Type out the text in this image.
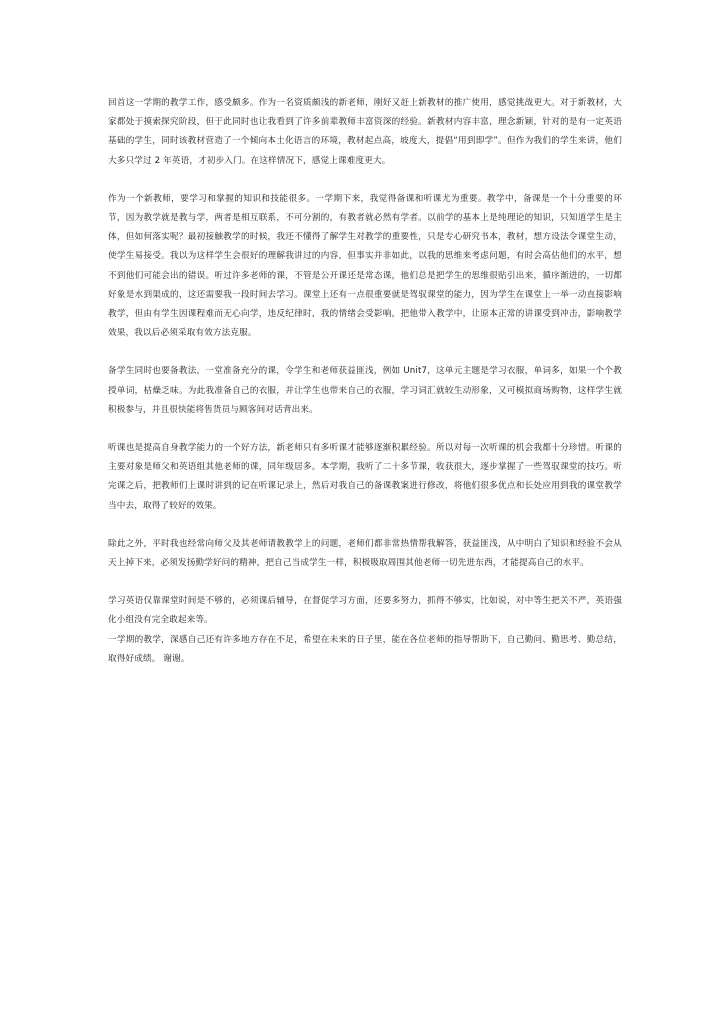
回首这一学期的教学工作，感受颇多。作为一名资质颇浅的新老师，刚好又赶上新教材的推广使用，感觉挑战更大。对于新教材，大家都处于摸索探究阶段，但于此同时也让我看到了许多前辈教师丰富资深的经验。新教材内容丰富，理念新颖，针对的是有一定英语基础的学生，同时该教材营造了一个倾向本土化语言的环境，教材起点高，坡度大，提倡“用到即学”。但作为我们的学生来讲，他们大多只学过 2 年英语，才初步入门。在这样情况下，感觉上课难度更大。

作为一个新教师，要学习和掌握的知识和技能很多。一学期下来，我觉得备课和听课尤为重要。教学中，备课是一个十分重要的环节，因为教学就是教与学，两者是相互联系，不可分割的，有教者就必然有学者。以前学的基本上是纯理论的知识，只知道学生是主体，但如何落实呢？最初接触教学的时候，我还不懂得了解学生对教学的重要性，只是专心研究书本，教材，想方设法令课堂生动，使学生易接受。我以为这样学生会很好的理解我讲过的内容，但事实并非如此，以我的思维来考虑问题，有时会高估他们的水平，想不到他们可能会出的错误。听过许多老师的课，不管是公开课还是常态课，他们总是把学生的思维很贴引出来，循序渐进的，一切都好象是水到渠成的，这还需要我一段时间去学习。课堂上还有一点很重要就是驾驭课堂的能力，因为学生在课堂上一举一动直接影响教学，但由有学生因课程难而无心向学，违反纪律时，我的情绪会受影响，把他带入教学中，让原本正常的讲课受到冲击，影响教学效果，我以后必须采取有效方法克服。

备学生同时也要备教法，一堂准备充分的课，令学生和老师获益匪浅，例如 Unit7，这单元主题是学习衣服，单词多，如果一个个教授单词，枯燥乏味。为此我准备自己的衣服，并让学生也带来自己的衣服，学习词汇就较生动形象，又可模拟商场购物，这样学生就积极参与，并且很快能将售货员与顾客间对话背出来。

听课也是提高自身教学能力的一个好方法，新老师只有多听课才能够逐渐积累经验。所以对每一次听课的机会我都十分珍惜。听课的主要对象是师父和英语组其他老师的课，同年级居多。本学期，我听了二十多节课，收获很大，逐步掌握了一些驾驭课堂的技巧。听完课之后，把教师们上课时讲到的记在听课记录上，然后对我自己的备课教案进行修改，将他们很多优点和长处应用到我的课堂教学当中去，取得了较好的效果。

除此之外，平时我也经常向师父及其老师请教教学上的问题，老师们都非常热情帮我解答，获益匪浅，从中明白了知识和经验不会从天上掉下来，必须发扬勤学好问的精神，把自己当成学生一样，积极吸取周围其他老师一切先进东西，才能提高自己的水平。

学习英语仅靠课堂时间是不够的，必须课后辅导，在督促学习方面，还要多努力，抓得不够实，比如说，对中等生把关不严，英语强化小组没有完全敢起来等。

一学期的教学，深感自己还有许多地方存在不足，希望在未来的日子里，能在各位老师的指导帮助下，自己勤问、勤思考、勤总结，取得好成绩。 谢谢。
